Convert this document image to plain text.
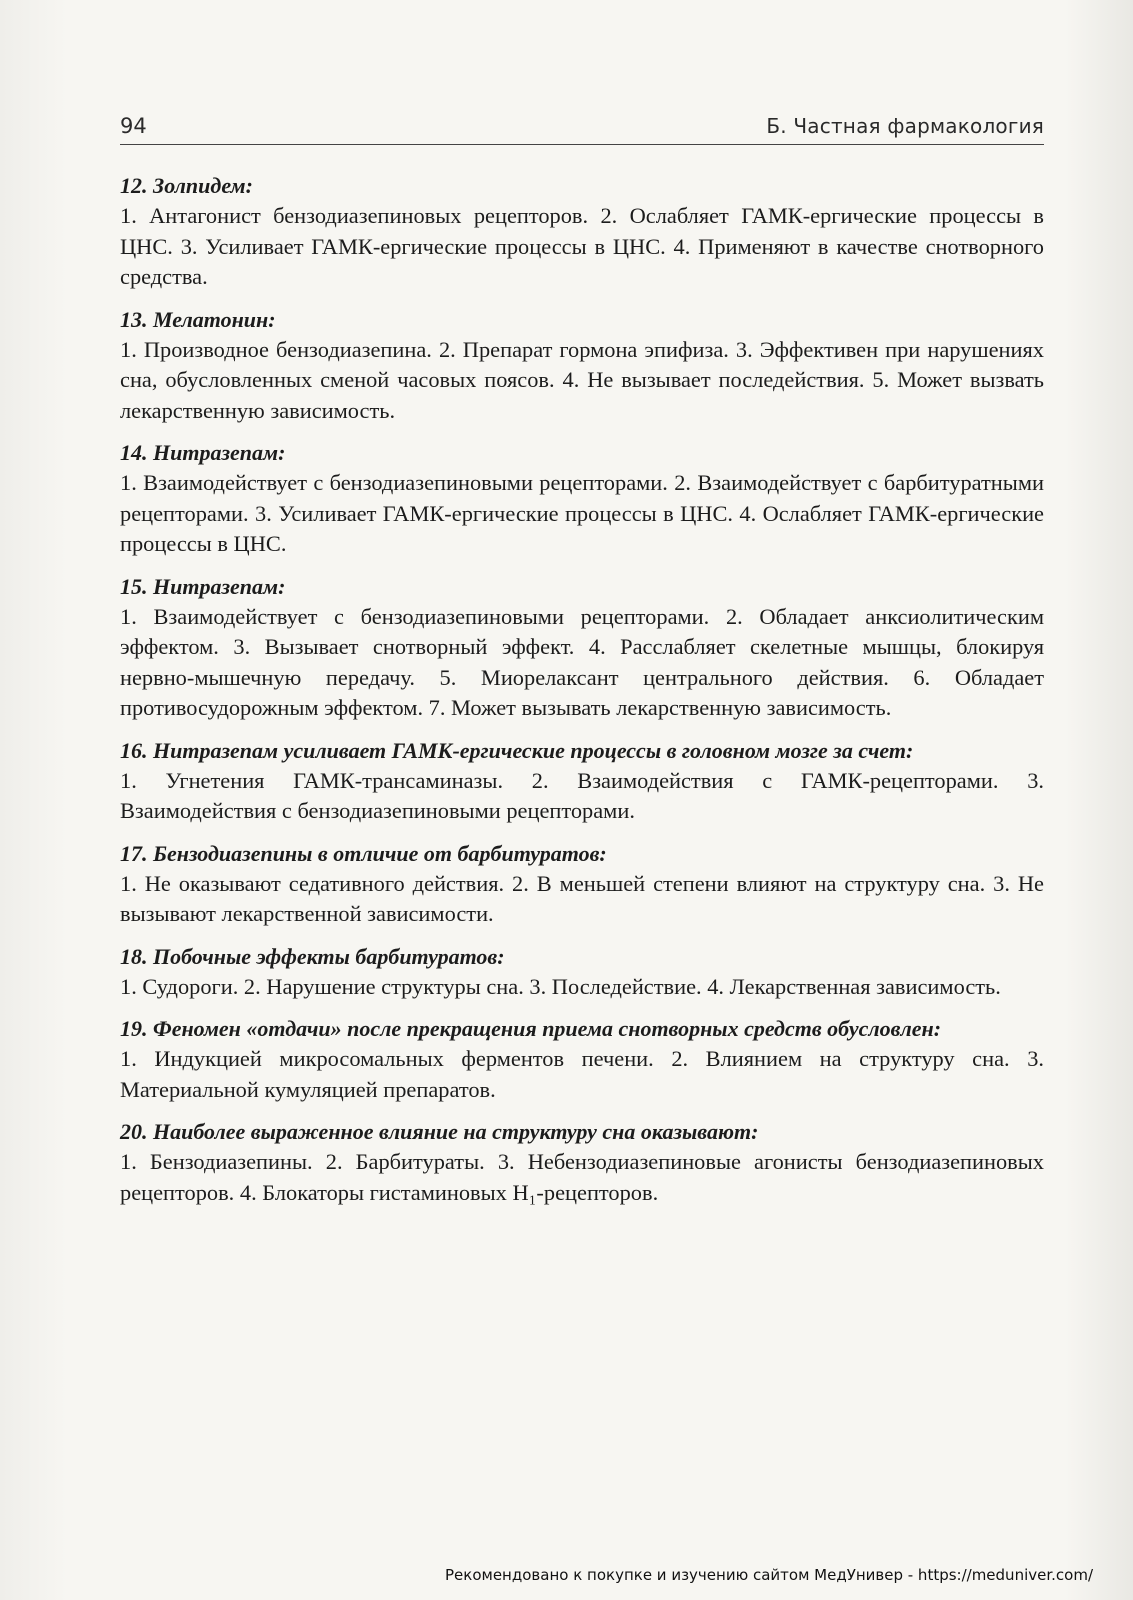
94	Б. Частная фармакология

12. Золпидем:

1. Антагонист бензодиазепиновых рецепторов. 2. Ослабляет ГАМК-ергические процессы в ЦНС. 3. Усиливает ГАМК-ергические процессы в ЦНС. 4. Применяют в качестве снотворного средства.

13. Мелатонин:

1. Производное бензодиазепина. 2. Препарат гормона эпифиза. 3. Эффективен при нарушениях сна, обусловленных сменой часовых поясов. 4. Не вызывает последействия. 5. Может вызвать лекарственную зависимость.

14. Нитразепам:

1. Взаимодействует с бензодиазепиновыми рецепторами. 2. Взаимодействует с барбитуратными рецепторами. 3. Усиливает ГАМК-ергические процессы в ЦНС. 4. Ослабляет ГАМК-ергические процессы в ЦНС.

15. Нитразепам:

1. Взаимодействует с бензодиазепиновыми рецепторами. 2. Обладает анксиолитическим эффектом. 3. Вызывает снотворный эффект. 4. Расслабляет скелетные мышцы, блокируя нервно-мышечную передачу. 5. Миорелаксант центрального действия. 6. Обладает противосудорожным эффектом. 7. Может вызывать лекарственную зависимость.

16. Нитразепам усиливает ГАМК-ергические процессы в головном мозге за счет:

1. Угнетения ГАМК-трансаминазы. 2. Взаимодействия с ГАМК-рецепторами. 3. Взаимодействия с бензодиазепиновыми рецепторами.

17. Бензодиазепины в отличие от барбитуратов:

1. Не оказывают седативного действия. 2. В меньшей степени влияют на структуру сна. 3. Не вызывают лекарственной зависимости.

18. Побочные эффекты барбитуратов:

1. Судороги. 2. Нарушение структуры сна. 3. Последействие. 4. Лекарственная зависимость.

19. Феномен «отдачи» после прекращения приема снотворных средств обусловлен:

1. Индукцией микросомальных ферментов печени. 2. Влиянием на структуру сна. 3. Материальной кумуляцией препаратов.

20. Наиболее выраженное влияние на структуру сна оказывают:

1. Бензодиазепины. 2. Барбитураты. 3. Небензодиазепиновые агонисты бензодиазепиновых рецепторов. 4. Блокаторы гистаминовых H₁-рецепторов.

Рекомендовано к покупке и изучению сайтом МедУнивер - https://meduniver.com/
